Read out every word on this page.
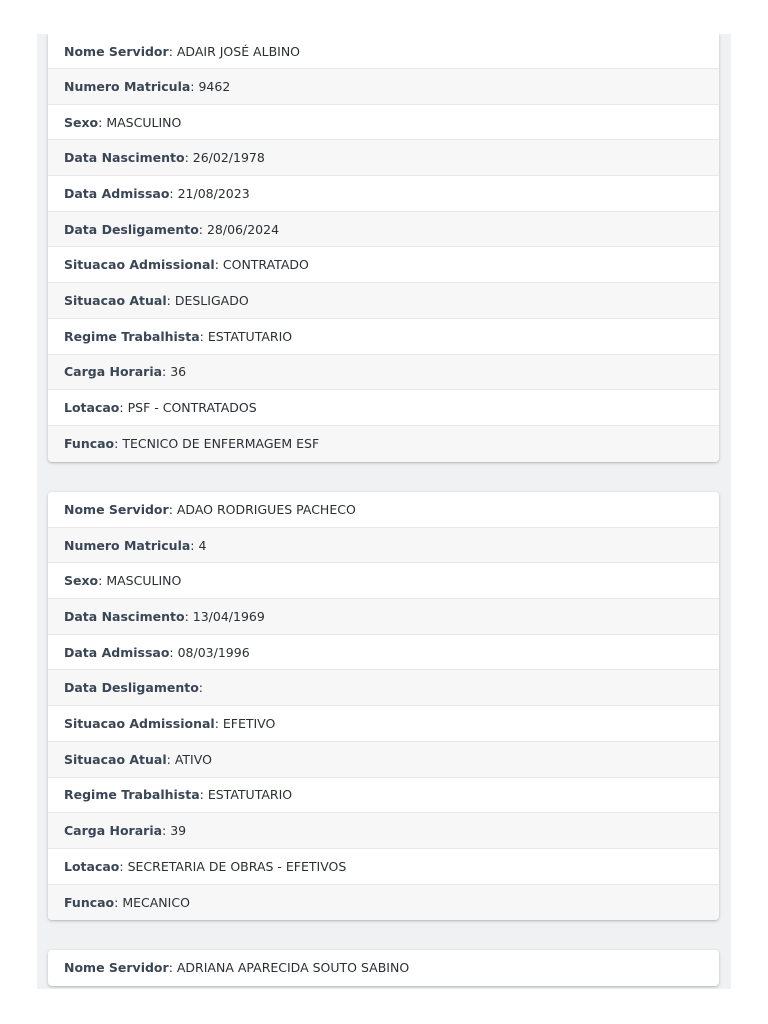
Nome Servidor : ADAIR JOSÉ ALBINO
Numero Matricula : 9462
Sexo : MASCULINO
Data Nascimento : 26/02/1978
Data Admissao : 21/08/2023
Data Desligamento : 28/06/2024
Situacao Admissional : CONTRATADO
Situacao Atual : DESLIGADO
Regime Trabalhista : ESTATUTARIO
Carga Horaria : 36
Lotacao : PSF - CONTRATADOS
Funcao : TECNICO DE ENFERMAGEM ESF
Nome Servidor : ADAO RODRIGUES PACHECO
Numero Matricula : 4
Sexo : MASCULINO
Data Nascimento : 13/04/1969
Data Admissao : 08/03/1996
Data Desligamento :
Situacao Admissional : EFETIVO
Situacao Atual : ATIVO
Regime Trabalhista : ESTATUTARIO
Carga Horaria : 39
Lotacao : SECRETARIA DE OBRAS - EFETIVOS
Funcao : MECANICO
Nome Servidor : ADRIANA APARECIDA SOUTO SABINO
